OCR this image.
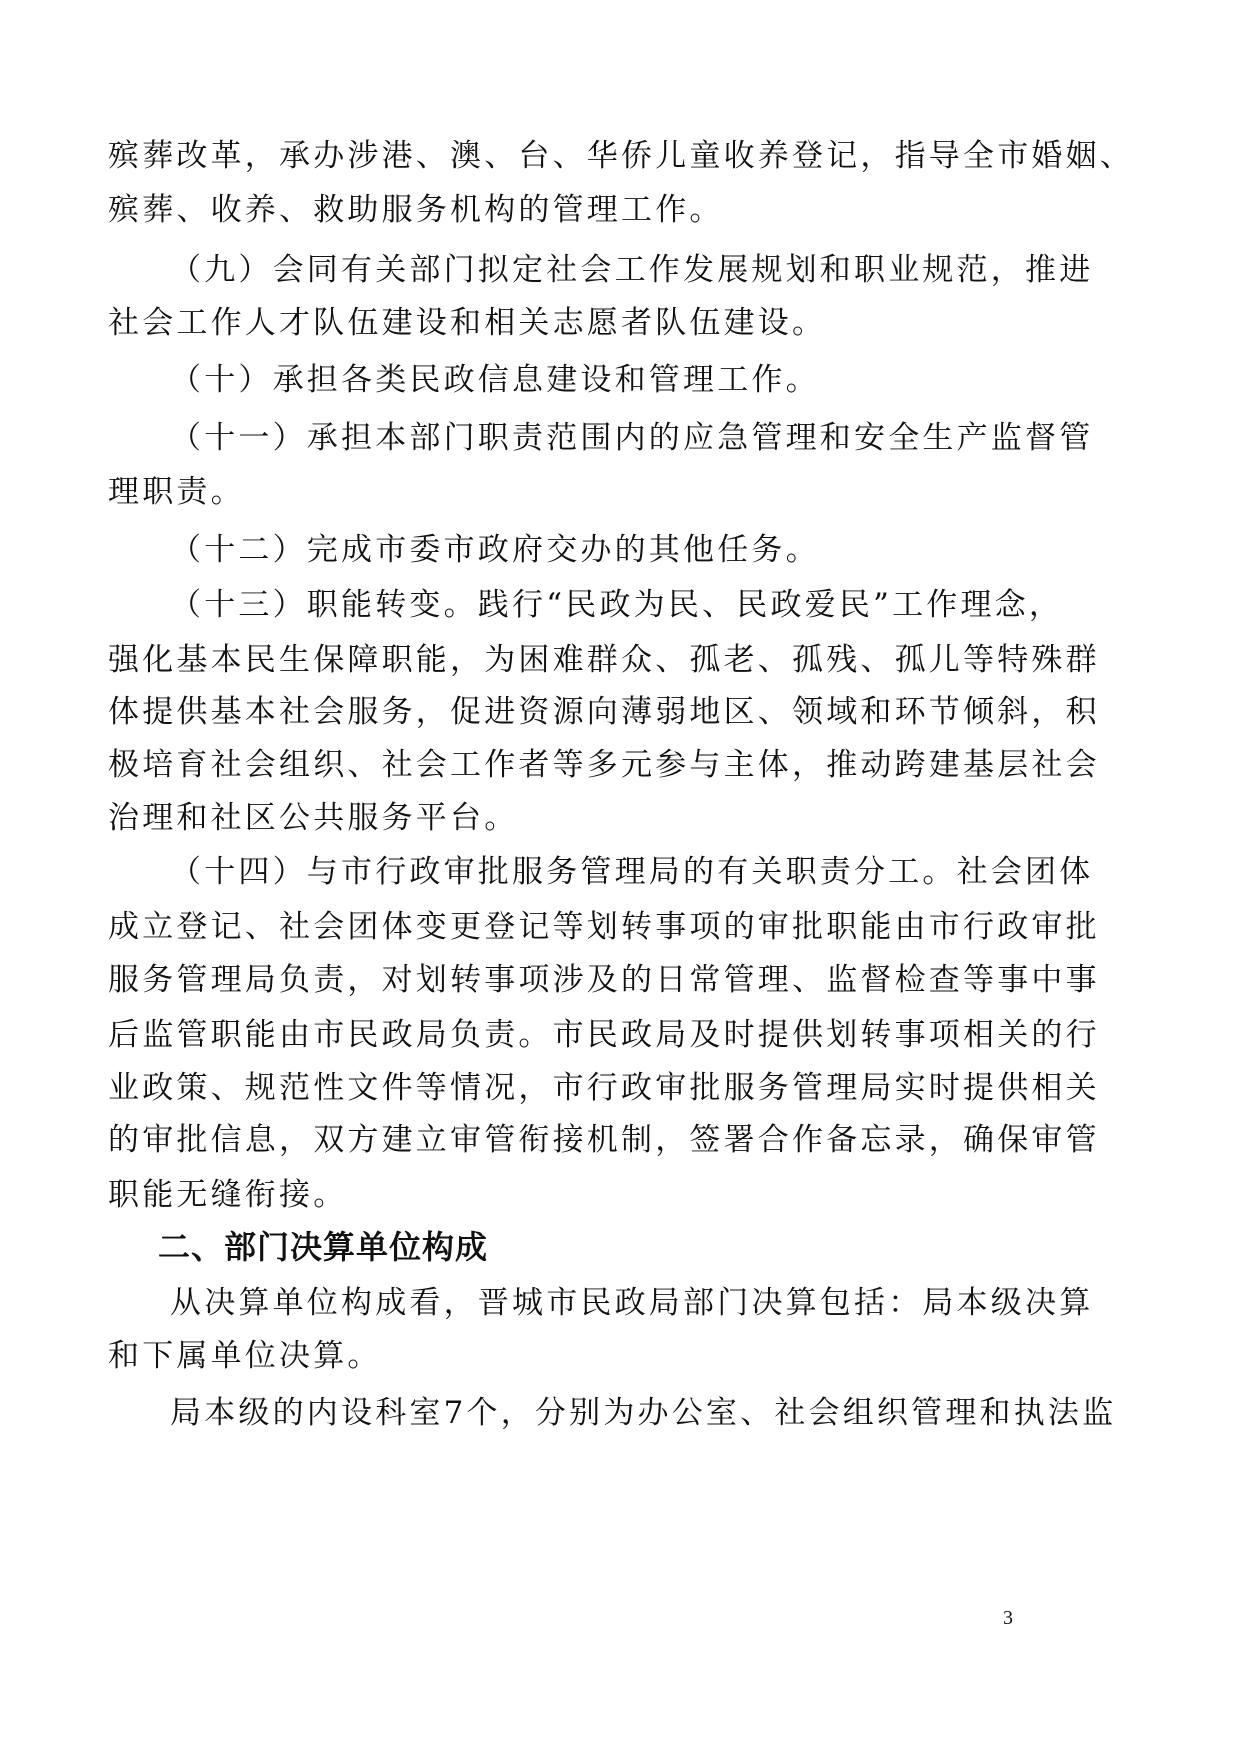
殡葬改革，承办涉港、澳、台、华侨儿童收养登记，指导全市婚姻、
殡葬、收养、救助服务机构的管理工作。
（九）会同有关部门拟定社会工作发展规划和职业规范，推进
社会工作人才队伍建设和相关志愿者队伍建设。
（十）承担各类民政信息建设和管理工作。
（十一）承担本部门职责范围内的应急管理和安全生产监督管
理职责。
（十二）完成市委市政府交办的其他任务。
（十三）职能转变。践行“民政为民、民政爱民”工作理念，
强化基本民生保障职能，为困难群众、孤老、孤残、孤儿等特殊群
体提供基本社会服务，促进资源向薄弱地区、领域和环节倾斜，积
极培育社会组织、社会工作者等多元参与主体，推动跨建基层社会
治理和社区公共服务平台。
（十四）与市行政审批服务管理局的有关职责分工。社会团体
成立登记、社会团体变更登记等划转事项的审批职能由市行政审批
服务管理局负责，对划转事项涉及的日常管理、监督检查等事中事
后监管职能由市民政局负责。市民政局及时提供划转事项相关的行
业政策、规范性文件等情况，市行政审批服务管理局实时提供相关
的审批信息，双方建立审管衔接机制，签署合作备忘录，确保审管
职能无缝衔接。
二、部门决算单位构成
从决算单位构成看，晋城市民政局部门决算包括：局本级决算
和下属单位决算。
局本级的内设科室7个，分别为办公室、社会组织管理和执法监
3
